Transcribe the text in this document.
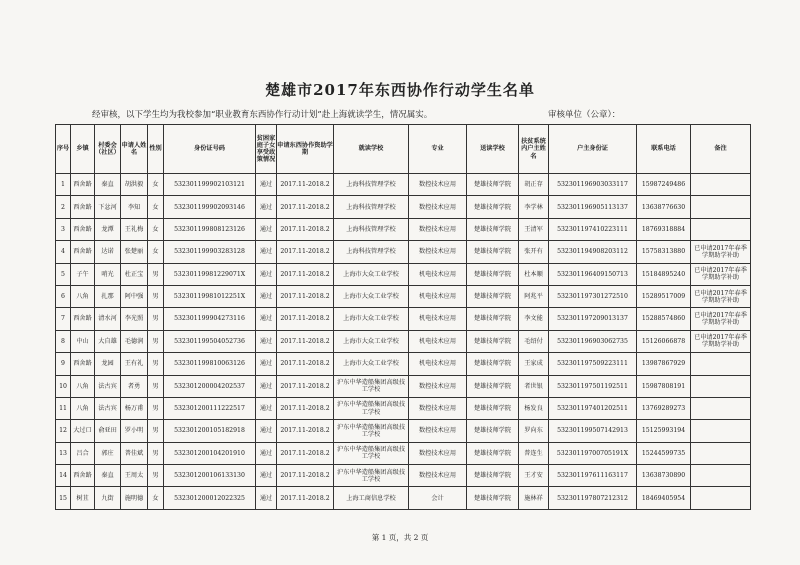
楚雄市2017年东西协作行动学生名单
经审核，以下学生均为我校参加“职业教育东西协作行动计划”赴上海就读学生，情况属实。	审核单位（公章）：
序号	乡镇	村委会（社区）	申请人姓名	性别	身份证号码	贫困家庭子女享受政策情况	申请东西协作资助学期	就读学校	专业	送读学校	扶贫系统内户主姓名	户主身份证	联系电话	备注
1	西舍路	秦直	胡洪毅	女	532301199902103121	通过	2017.11-2018.2	上海科技管理学校	数控技术应用	楚雄技师学院	胡正存	532301196903033117	15987249486	
2	西舍路	下忿河	李知	女	532301199902093146	通过	2017.11-2018.2	上海科技管理学校	数控技术应用	楚雄技师学院	李学林	532301196905113137	13638776630	
3	西舍路	龙潭	王礼梅	女	532301199808123126	通过	2017.11-2018.2	上海科技管理学校	数控技术应用	楚雄技师学院	王清军	532301197410223111	18769318884	
4	西舍路	达诺	张楚丽	女	532301199903283128	通过	2017.11-2018.2	上海科技管理学校	数控技术应用	楚雄技师学院	张开有	532301194908203112	15758313880	已申请2017年春季学期助学补助
5	子午	哨光	杜正宝	男	53230119981229071X	通过	2017.11-2018.2	上海市大众工业学校	机电技术应用	楚雄技师学院	杜本顺	532301196409150713	15184895240	已申请2017年春季学期助学补助
6	八角	扎那	阿中强	男	53230119981012251X	通过	2017.11-2018.2	上海市大众工业学校	机电技术应用	楚雄技师学院	阿兆平	532301197301272510	15289517009	已申请2017年春季学期助学补助
7	西舍路	清水河	李光照	男	532301199904273116	通过	2017.11-2018.2	上海市大众工业学校	机电技术应用	楚雄技师学院	李文能	532301197209013137	15288574860	已申请2017年春季学期助学补助
8	中山	大自雄	毛德润	男	532301199504052736	通过	2017.11-2018.2	上海市大众工业学校	机电技术应用	楚雄技师学院	毛绍付	532301196903062735	15126066878	已申请2017年春季学期助学补助
9	西舍路	龙园	王有礼	男	532301199810063126	通过	2017.11-2018.2	上海市大众工业学校	机电技术应用	楚雄技师学院	王家成	532301197509223111	13987867929	
10	八角	法古宾	者勇	男	532301200004202537	通过	2017.11-2018.2	沪东中华造船集团高级技工学校	数控技术应用	楚雄技师学院	者世银	532301197501192511	15987808191	
11	八角	法古宾	杨万甫	男	532301200111222517	通过	2017.11-2018.2	沪东中华造船集团高级技工学校	数控技术应用	楚雄技师学院	杨发良	532301197401202511	13769289273	
12	大过口	俞亚田	罗小明	男	532301200105182918	通过	2017.11-2018.2	沪东中华造船集团高级技工学校	数控技术应用	楚雄技师学院	罗向东	532301199507142913	15125993194	
13	吕合	郭庄	普佳斌	男	532301200104201910	通过	2017.11-2018.2	沪东中华造船集团高级技工学校	数控技术应用	楚雄技师学院	普连生	53230119700705191X	15244599735	
14	西舍路	秦直	王周太	男	532301200106133130	通过	2017.11-2018.2	沪东中华造船集团高级技工学校	数控技术应用	楚雄技师学院	王才安	532301197611163117	13638730890	
15	树苴	九街	施明德	女	532301200012022325	通过	2017.11-2018.2	上海工商信息学校	会计	楚雄技师学院	施林祥	532301197807212312	18469405954	
第 1 页，共 2 页
